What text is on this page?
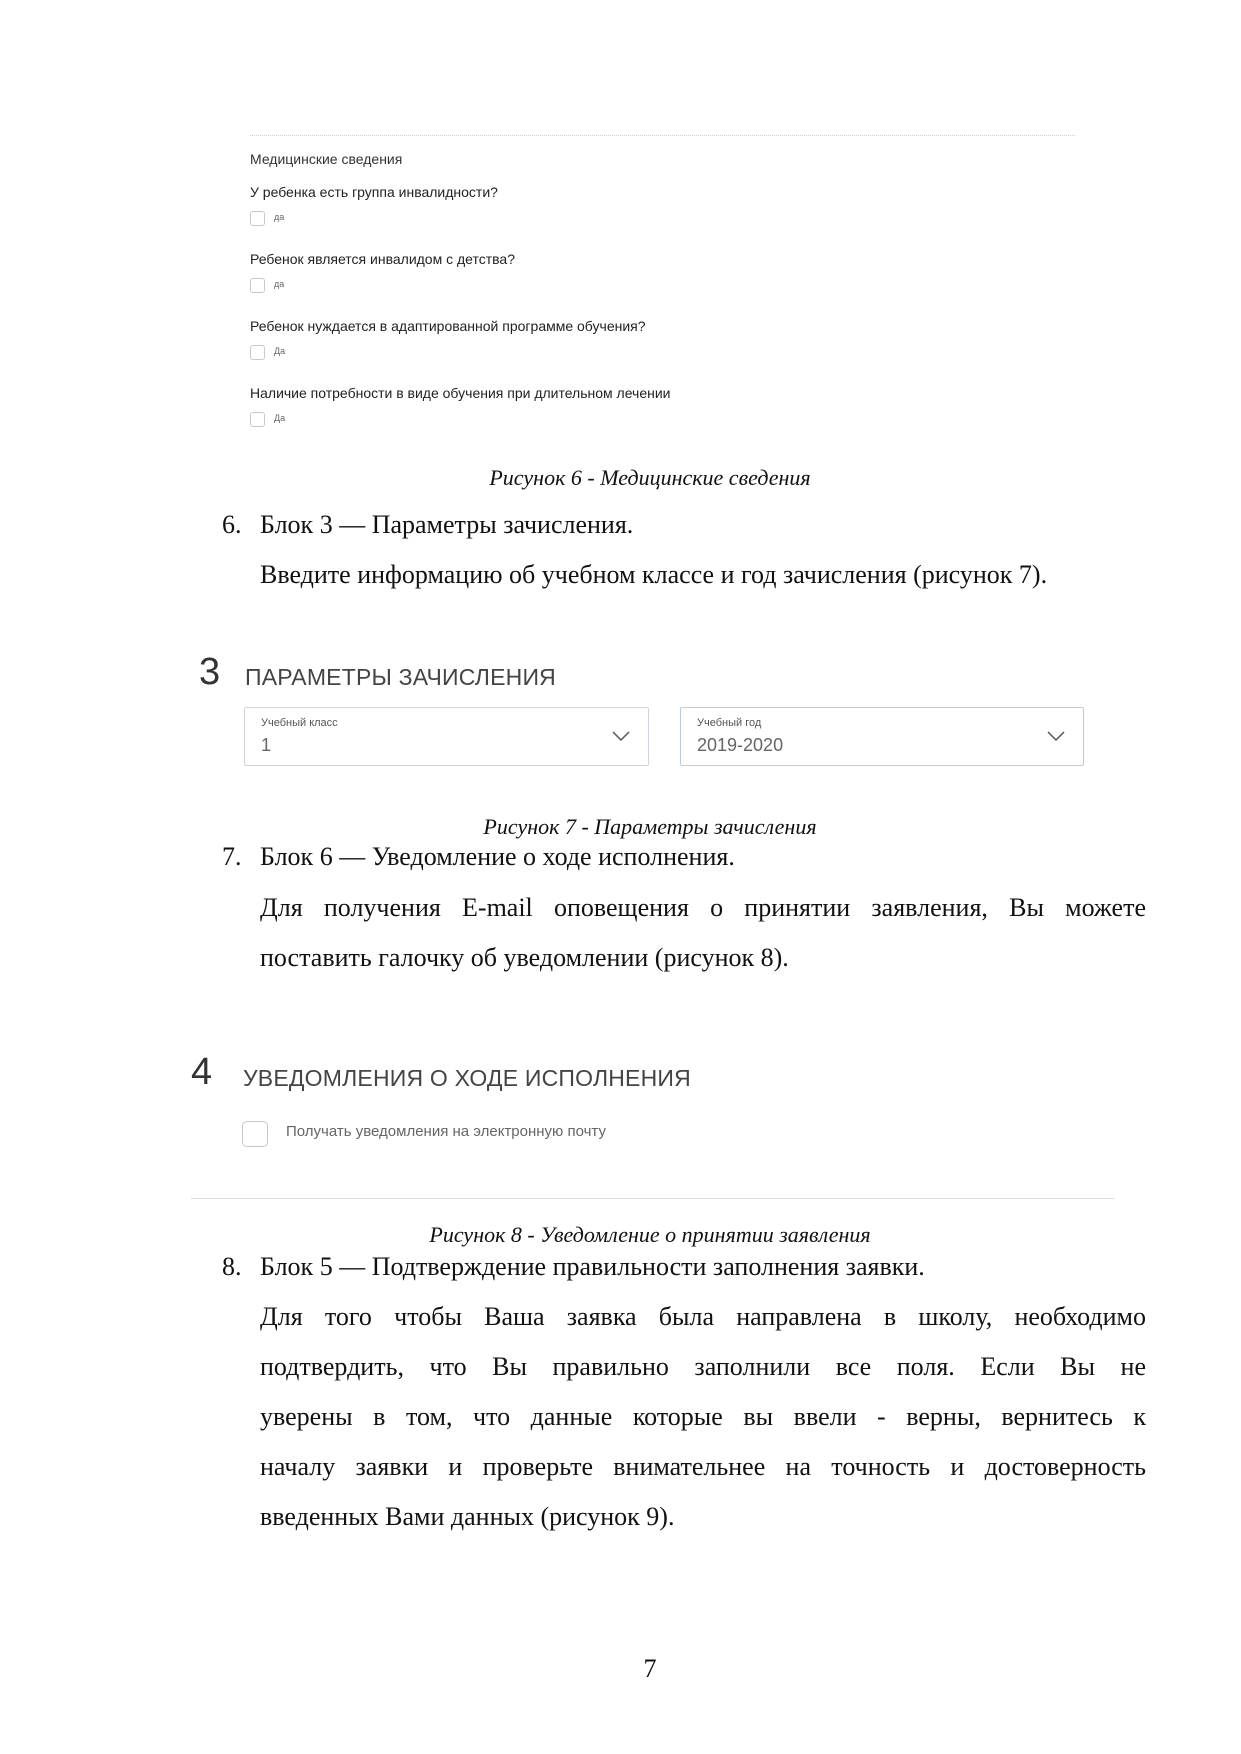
Медицинские сведения
У ребенка есть группа инвалидности?
да
Ребенок является инвалидом с детства?
да
Ребенок нуждается в адаптированной программе обучения?
Да
Наличие потребности в виде обучения при длительном лечении
Да
Рисунок 6 - Медицинские сведения
6. Блок 3 — Параметры зачисления.
Введите информацию об учебном классе и год зачисления (рисунок 7).
3 ПАРАМЕТРЫ ЗАЧИСЛЕНИЯ
Учебный класс
1
Учебный год
2019-2020
Рисунок 7 - Параметры зачисления
7. Блок 6 — Уведомление о ходе исполнения.
Для получения E-mail оповещения о принятии заявления, Вы можете
поставить галочку об уведомлении (рисунок 8).
4 УВЕДОМЛЕНИЯ О ХОДЕ ИСПОЛНЕНИЯ
Получать уведомления на электронную почту
Рисунок 8 - Уведомление о принятии заявления
8. Блок 5 — Подтверждение правильности заполнения заявки.
Для того чтобы Ваша заявка была направлена в школу, необходимо
подтвердить, что Вы правильно заполнили все поля. Если Вы не
уверены в том, что данные которые вы ввели - верны, вернитесь к
началу заявки и проверьте внимательнее на точность и достоверность
введенных Вами данных (рисунок 9).
7
